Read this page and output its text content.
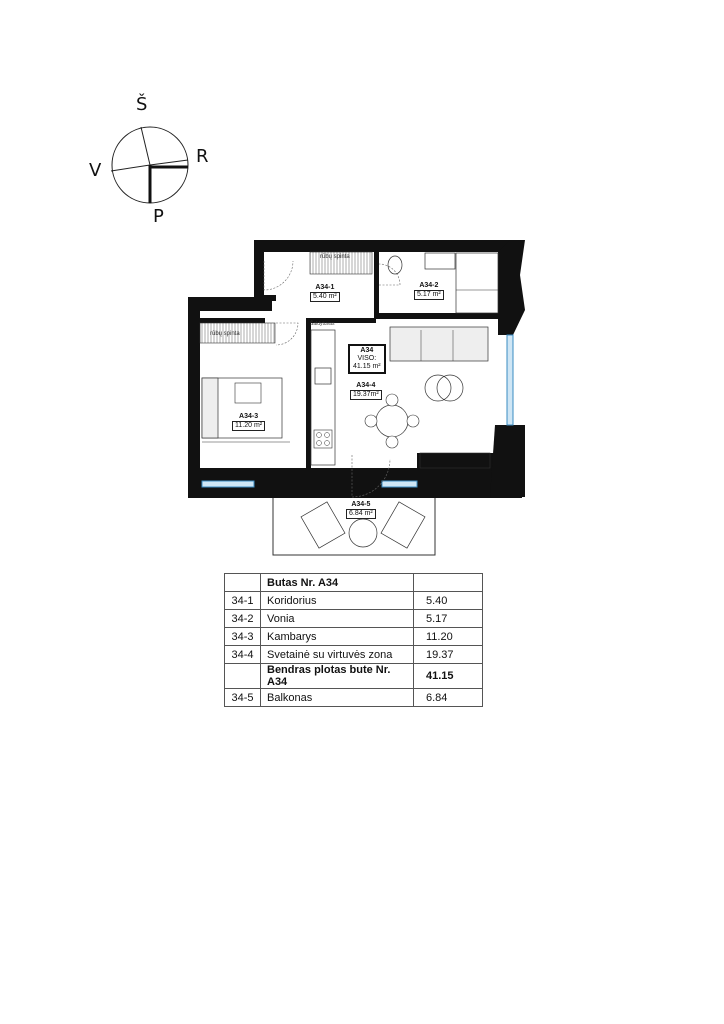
Š
R
P
V
rūbų spinta
rūbų spinta
Šaldytuvas
A34-1
5.40 m²
A34-2
5.17 m²
A34-3
11.20 m²
A34-4
19.37m²
A34-5
6.84 m²
A34
VISO:
41.15 m²
	Butas Nr. A34	
34-1	Koridorius	5.40
34-2	Vonia	5.17
34-3	Kambarys	11.20
34-4	Svetainė su virtuvės zona	19.37
	Bendras plotas bute Nr. A34	41.15
34-5	Balkonas	6.84
